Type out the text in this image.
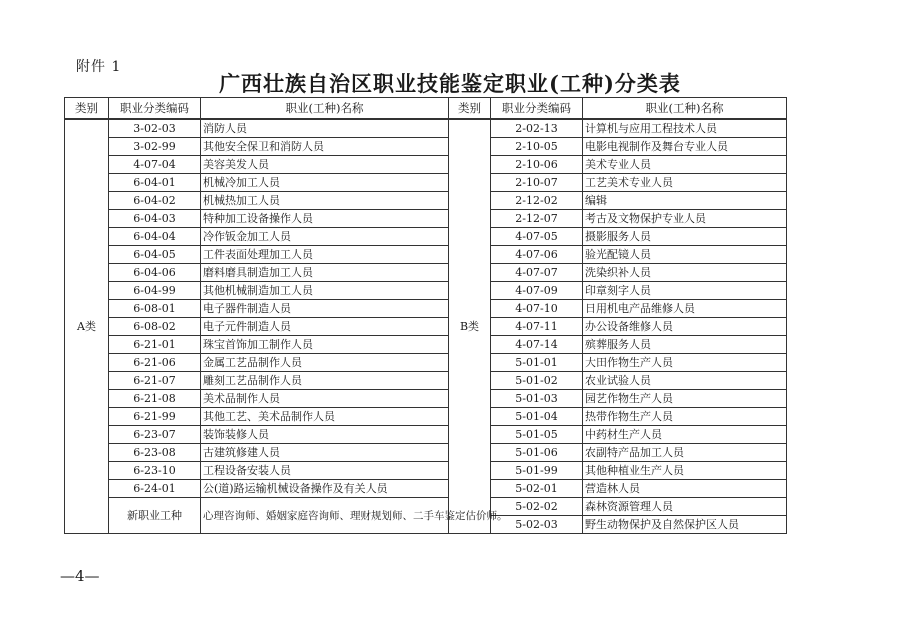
附件 1
广西壮族自治区职业技能鉴定职业(工种)分类表
类别	职业分类编码	职业(工种)名称	类别	职业分类编码	职业(工种)名称
A类	3-02-03	消防人员	B类	2-02-13	计算机与应用工程技术人员
	3-02-99	其他安全保卫和消防人员		2-10-05	电影电视制作及舞台专业人员
	4-07-04	美容美发人员		2-10-06	美术专业人员
	6-04-01	机械冷加工人员		2-10-07	工艺美术专业人员
	6-04-02	机械热加工人员		2-12-02	编辑
	6-04-03	特种加工设备操作人员		2-12-07	考古及文物保护专业人员
	6-04-04	冷作钣金加工人员		4-07-05	摄影服务人员
	6-04-05	工件表面处理加工人员		4-07-06	验光配镜人员
	6-04-06	磨料磨具制造加工人员		4-07-07	洗染织补人员
	6-04-99	其他机械制造加工人员		4-07-09	印章刻字人员
	6-08-01	电子器件制造人员		4-07-10	日用机电产品维修人员
	6-08-02	电子元件制造人员		4-07-11	办公设备维修人员
	6-21-01	珠宝首饰加工制作人员		4-07-14	殡葬服务人员
	6-21-06	金属工艺品制作人员		5-01-01	大田作物生产人员
	6-21-07	雕刻工艺品制作人员		5-01-02	农业试验人员
	6-21-08	美术品制作人员		5-01-03	园艺作物生产人员
	6-21-99	其他工艺、美术品制作人员		5-01-04	热带作物生产人员
	6-23-07	装饰装修人员		5-01-05	中药材生产人员
	6-23-08	古建筑修建人员		5-01-06	农副特产品加工人员
	6-23-10	工程设备安装人员		5-01-99	其他种植业生产人员
	6-24-01	公(道)路运输机械设备操作及有关人员		5-02-01	营造林人员
	新职业工种	心理咨询师、婚姻家庭咨询师、理财规划师、二手车鉴定估价师。		5-02-02	森林资源管理人员
				5-02-03	野生动物保护及自然保护区人员
—4—
